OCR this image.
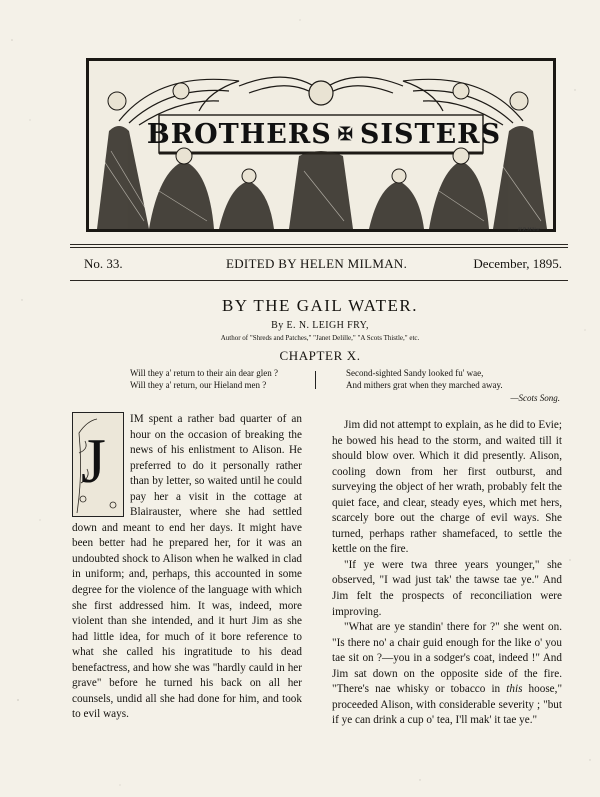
BROTHERS ✠ SISTERS
H.R.Millar.
No. 33.	EDITED BY HELEN MILMAN.	December, 1895.
BY THE GAIL WATER.
By E. N. LEIGH FRY,
Author of "Shreds and Patches," "Janet Delille," "A Scots Thistle," etc.
CHAPTER X.
Will they a' return to their ain dear glen ?
Will they a' return, our Hieland men ?
Second-sighted Sandy looked fu' wae,
And mithers grat when they marched away.
—Scots Song.
J

IM spent a rather bad quarter of an hour on the occasion of breaking the news of his enlistment to Alison. He preferred to do it personally rather than by letter, so waited until he could pay her a visit in the cottage at Blairauster, where she had settled down and meant to end her days. It might have been better had he prepared her, for it was an undoubted shock to Alison when he walked in clad in uniform; and, perhaps, this accounted in some degree for the violence of the language with which she first addressed him. It was, indeed, more violent than she intended, and it hurt Jim as she had little idea, for much of it bore reference to what she called his ingratitude to his dead benefactress, and how she was "hardly cauld in her grave" before he turned his back on all her counsels, undid all she had done for him, and took to evil ways.

Jim did not attempt to explain, as he did to Evie; he bowed his head to the storm, and waited till it should blow over. Which it did presently. Alison, cooling down from her first outburst, and surveying the object of her wrath, probably felt the quiet face, and clear, steady eyes, which met hers, scarcely bore out the charge of evil ways. She turned, perhaps rather shamefaced, to settle the kettle on the fire.

"If ye were twa three years younger," she observed, "I wad just tak' the tawse tae ye." And Jim felt the prospects of reconciliation were improving.

"What are ye standin' there for ?" she went on. "Is there no' a chair guid enough for the like o' you tae sit on ?—you in a sodger's coat, indeed !" And Jim sat down on the opposite side of the fire. "There's nae whisky or tobacco in this hoose," proceeded Alison, with considerable severity ; "but if ye can drink a cup o' tea, I'll mak' it tae ye."
